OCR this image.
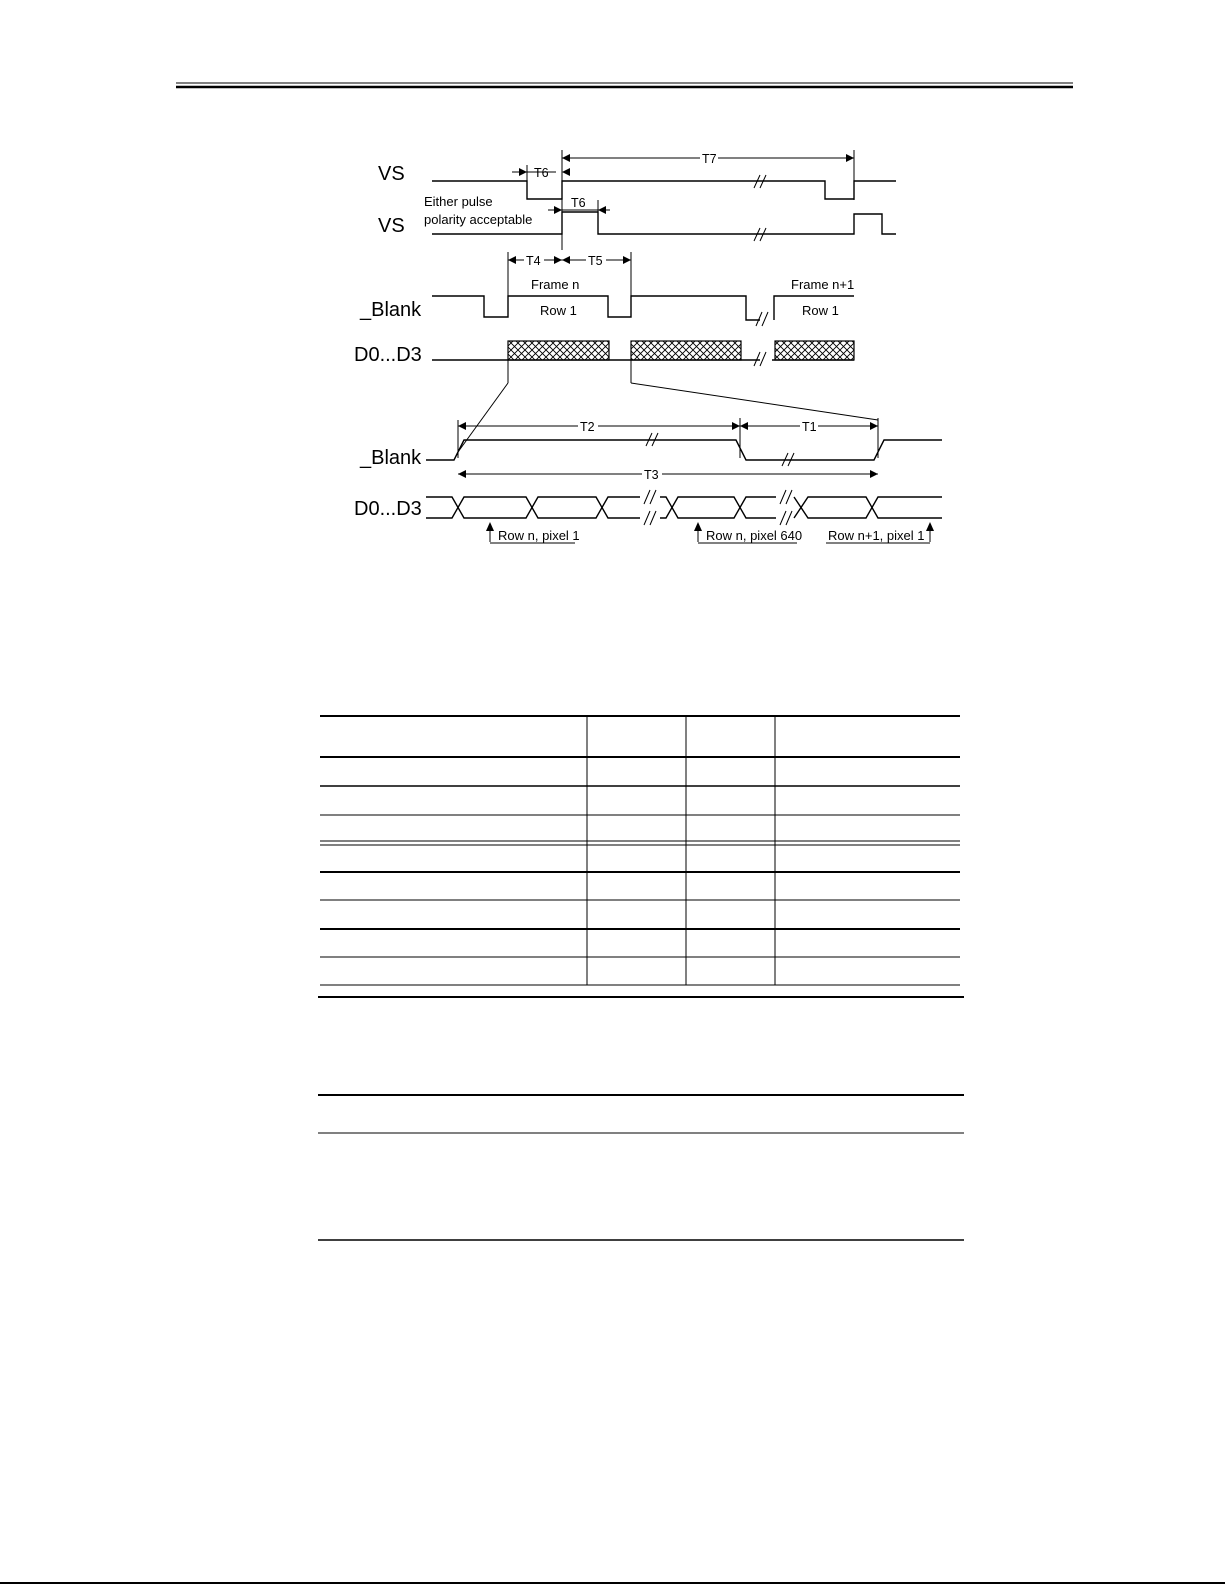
VS
VS
_Blank
D0...D3
_Blank
D0...D3
Either pulse
polarity acceptable
T7
T6
T6
T4	T5
Frame n
Row 1
Frame n+1
Row 1
T2	T1
T3
Row n, pixel 1	Row n, pixel 640 Row n+1, pixel 1
